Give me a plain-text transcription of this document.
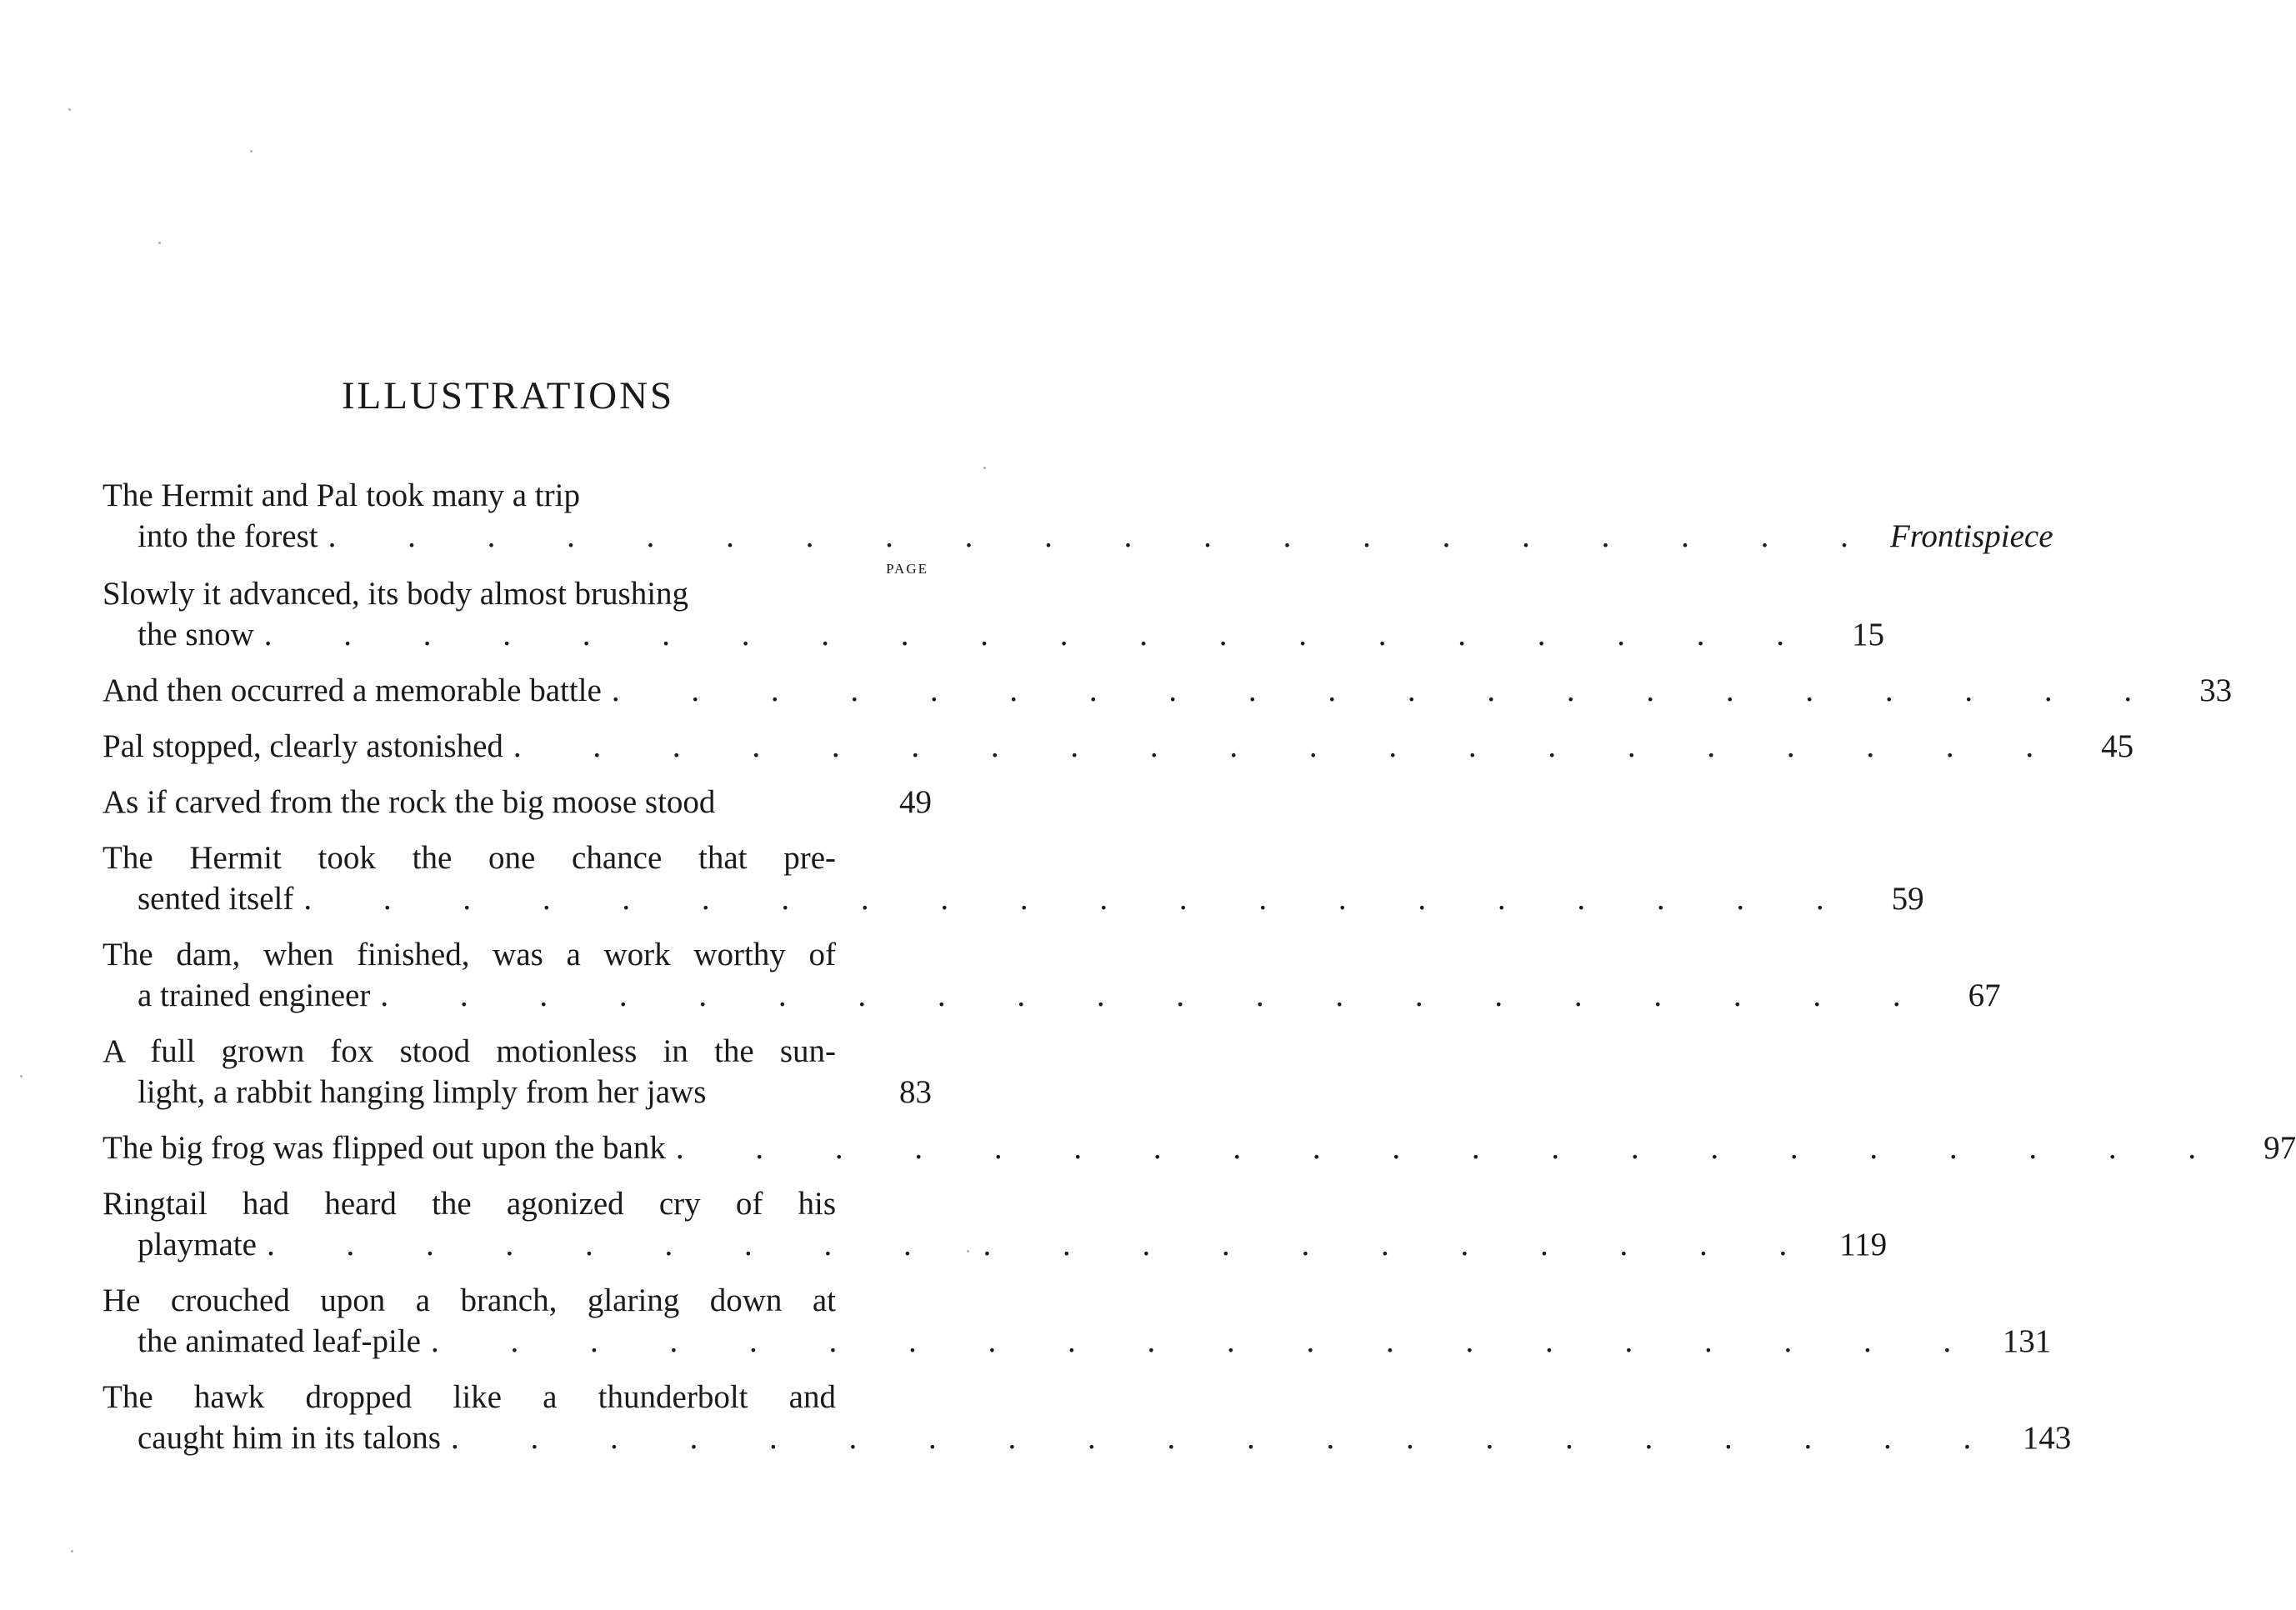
ILLUSTRATIONS
The Hermit and Pal took many a trip
into the forest . . . . . . . . . . . . . . . . . . . . Frontispiece
PAGE
Slowly it advanced, its body almost brushing
the snow . . . . . . . . . . . . . . . . . . . .	15
And then occurred a memorable battle . . . . . . . . . . . . . . . . . . . .	33
Pal stopped, clearly astonished . . . . . . . . . . . . . . . . . . . .	45
As if carved from the rock the big moose stood	49
The Hermit took the one chance that pre-
sented itself . . . . . . . . . . . . . . . . . . . .	59
The dam, when finished, was a work worthy of
a trained engineer . . . . . . . . . . . . . . . . . . . .	67
A full grown fox stood motionless in the sun-
light, a rabbit hanging limply from her jaws	83
The big frog was flipped out upon the bank . . . . . . . . . . . . . . . . . . . .	97
Ringtail had heard the agonized cry of his
playmate . . . . . . . . . . . . . . . . . . . . 119
He crouched upon a branch, glaring down at
the animated leaf-pile . . . . . . . . . . . . . . . . . . . . 131
The hawk dropped like a thunderbolt and
caught him in its talons . . . . . . . . . . . . . . . . . . . . 143
